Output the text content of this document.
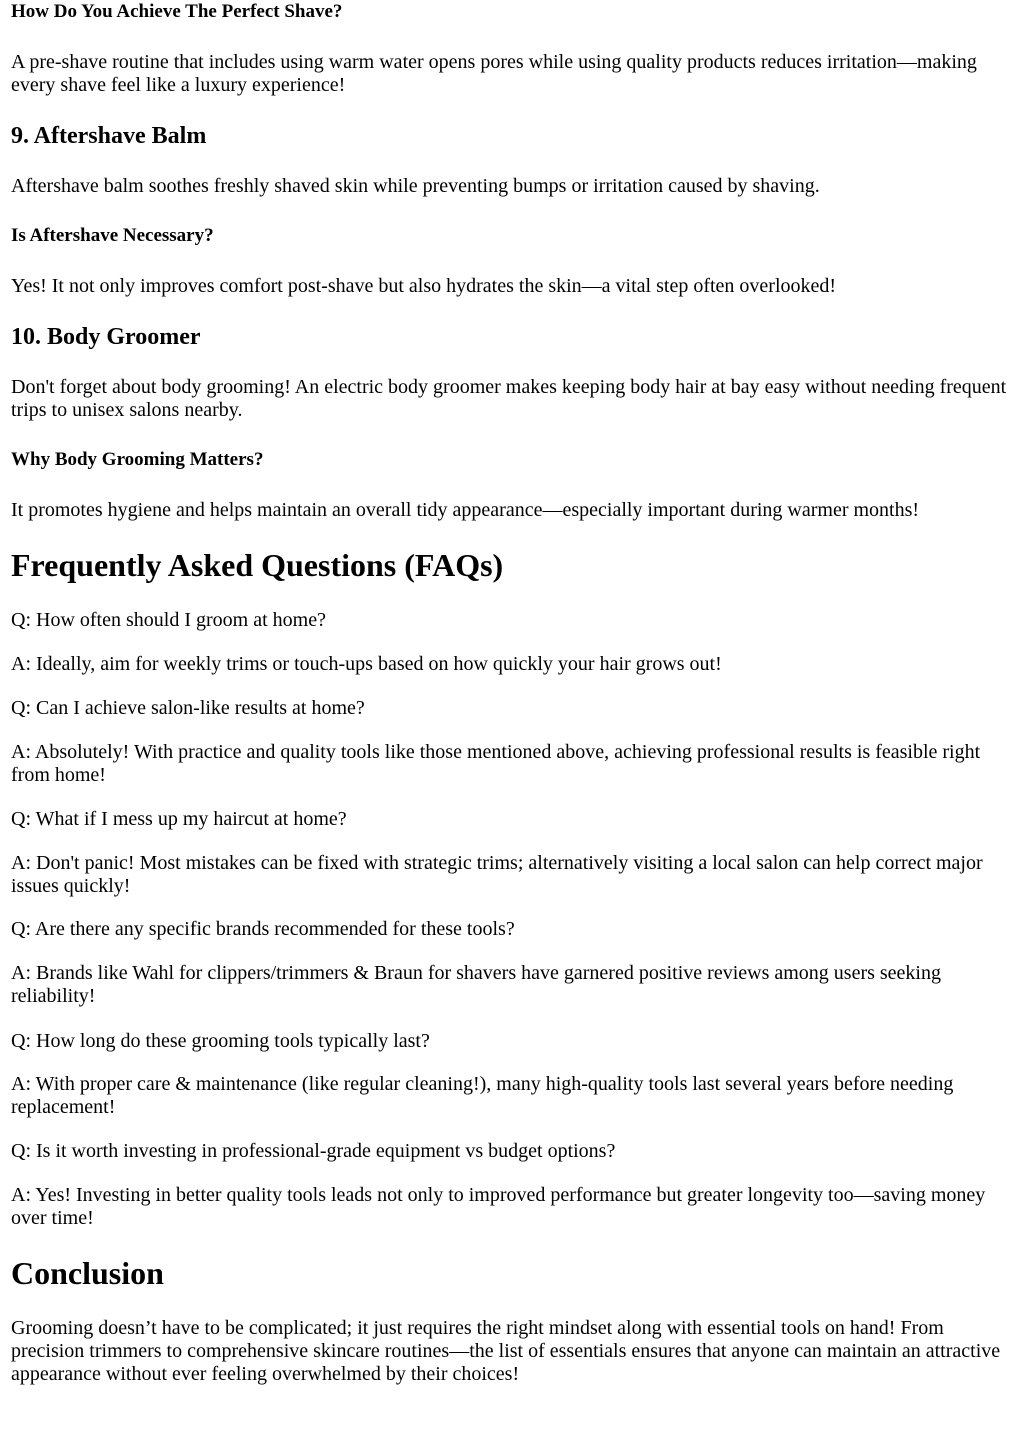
How Do You Achieve The Perfect Shave?

A pre-shave routine that includes using warm water opens pores while using quality products reduces irritation—making every shave feel like a luxury experience!

9. Aftershave Balm

Aftershave balm soothes freshly shaved skin while preventing bumps or irritation caused by shaving.

Is Aftershave Necessary?

Yes! It not only improves comfort post-shave but also hydrates the skin—a vital step often overlooked!

10. Body Groomer

Don't forget about body grooming! An electric body groomer makes keeping body hair at bay easy without needing frequent trips to unisex salons nearby.

Why Body Grooming Matters?

It promotes hygiene and helps maintain an overall tidy appearance—especially important during warmer months!

Frequently Asked Questions (FAQs)

Q: How often should I groom at home?

A: Ideally, aim for weekly trims or touch-ups based on how quickly your hair grows out!

Q: Can I achieve salon-like results at home?

A: Absolutely! With practice and quality tools like those mentioned above, achieving professional results is feasible right from home!

Q: What if I mess up my haircut at home?

A: Don't panic! Most mistakes can be fixed with strategic trims; alternatively visiting a local salon can help correct major issues quickly!

Q: Are there any specific brands recommended for these tools?

A: Brands like Wahl for clippers/trimmers & Braun for shavers have garnered positive reviews among users seeking reliability!

Q: How long do these grooming tools typically last?

A: With proper care & maintenance (like regular cleaning!), many high-quality tools last several years before needing replacement!

Q: Is it worth investing in professional-grade equipment vs budget options?

A: Yes! Investing in better quality tools leads not only to improved performance but greater longevity too—saving money over time!

Conclusion

Grooming doesn’t have to be complicated; it just requires the right mindset along with essential tools on hand! From precision trimmers to comprehensive skincare routines—the list of essentials ensures that anyone can maintain an attractive appearance without ever feeling overwhelmed by their choices!
